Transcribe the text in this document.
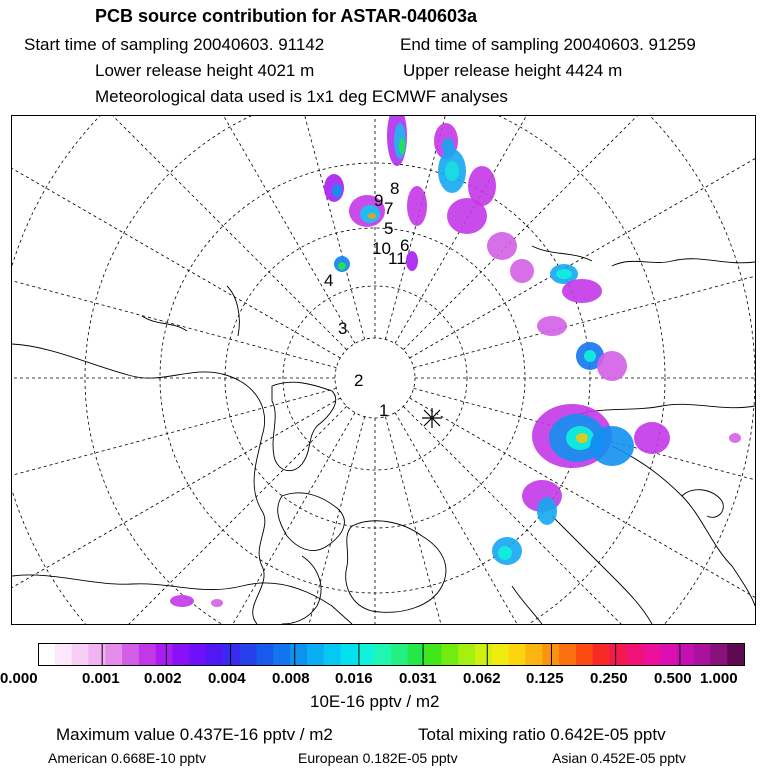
PCB source contribution for ASTAR-040603a
Start time of sampling 20040603. 91142	End time of sampling 20040603. 91259
Lower release height 4021 m	Upper release height 4424 m
Meteorological data used is 1x1 deg ECMWF analyses
1
2
3
4
5
6
7
8
9
10
11
0.000	0.001 0.002 0.004 0.008 0.016 0.031 0.062 0.125 0.250 0.500 1.000
10E-16 pptv / m2
Maximum value 0.437E-16 pptv / m2	Total mixing ratio 0.642E-05 pptv
American 0.668E-10 pptv	European 0.182E-05 pptv	Asian 0.452E-05 pptv
